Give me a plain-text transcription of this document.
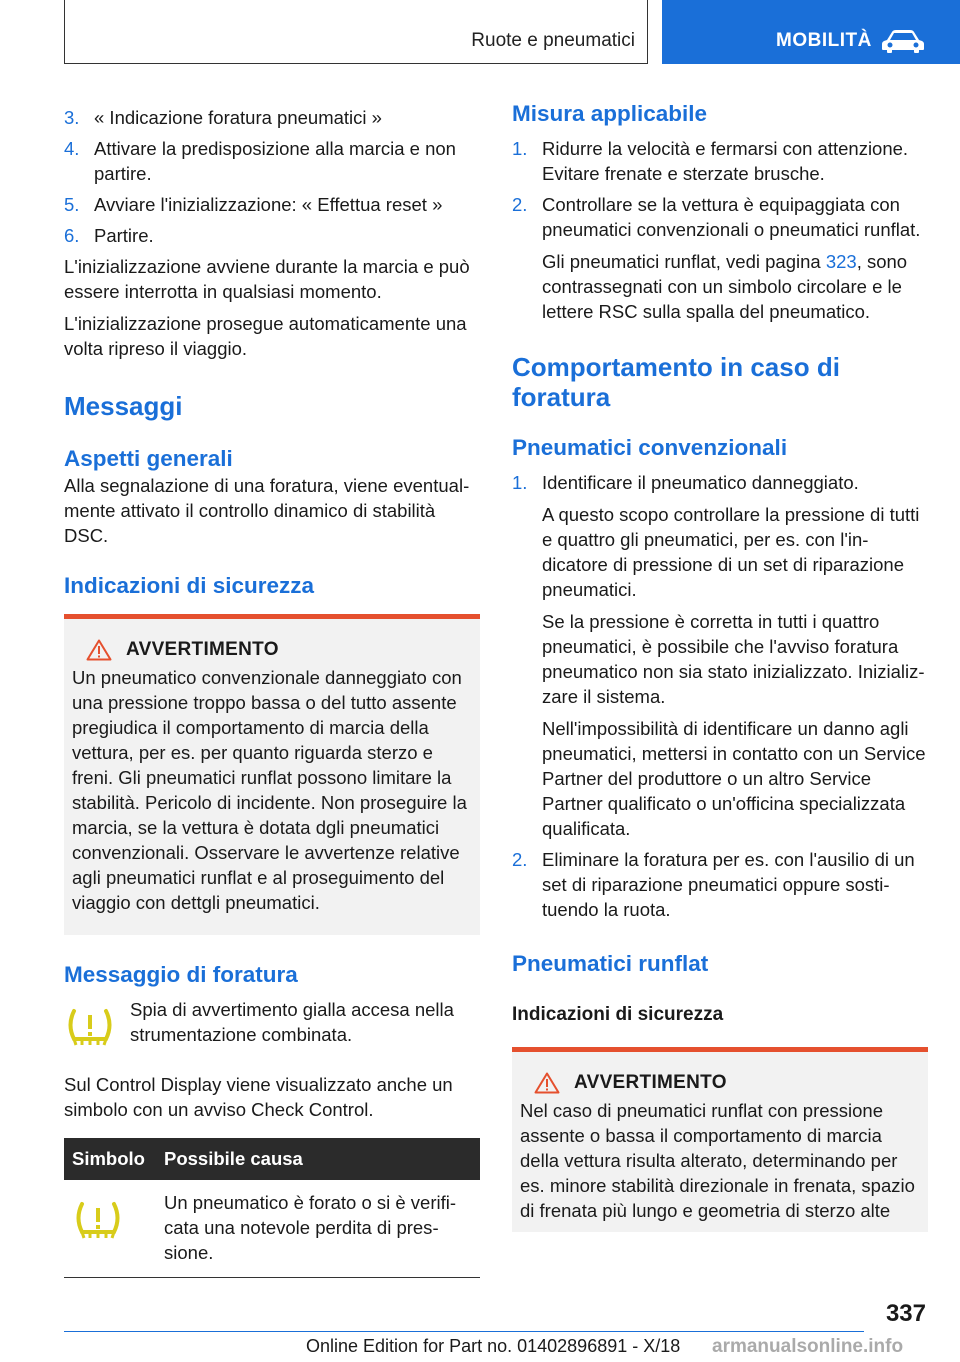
Ruote e pneumatici	MOBILITÀ
3. « Indicazione foratura pneumatici »
4. Attivare la predisposizione alla marcia e non partire.
5. Avviare l'inizializzazione: « Effettua reset »
6. Partire.

L'inizializzazione avviene durante la marcia e può essere interrotta in qualsiasi momento.

L'inizializzazione prosegue automaticamente una volta ripreso il viaggio.

Messaggi
Aspetti generali

Alla segnalazione di una foratura, viene eventualmente attivato il controllo dinamico di stabilità DSC.

Indicazioni di sicurezza
AVVERTIMENTO

Un pneumatico convenzionale danneggiato con una pressione troppo bassa o del tutto assente pregiudica il comportamento di marcia della vettura, per es. per quanto riguarda sterzo e freni. Gli pneumatici runflat possono limitare la stabilità. Pericolo di incidente. Non proseguire la marcia, se la vettura è dotata dgli pneumatici convenzionali. Osservare le avvertenze relative agli pneumatici runflat e al proseguimento del viaggio con dettgli pneumatici.

Messaggio di foratura

Spia di avvertimento gialla accesa nella strumentazione combinata.

Sul Control Display viene visualizzato anche un simbolo con un avviso Check Control.

Simbolo	Possibile causa
	Un pneumatico è forato o si è verificata una notevole perdita di pressione.
Misura applicabile
1. Ridurre la velocità e fermarsi con attenzione. Evitare frenate e sterzate brusche.
2. Controllare se la vettura è equipaggiata con pneumatici convenzionali o pneumatici runflat.
Gli pneumatici runflat, vedi pagina 323, sono contrassegnati con un simbolo circolare e le lettere RSC sulla spalla del pneumatico.
Comportamento in caso di foratura
Pneumatici convenzionali
1. Identificare il pneumatico danneggiato.
A questo scopo controllare la pressione di tutti e quattro gli pneumatici, per es. con l'indicatore di pressione di un set di riparazione pneumatici.
Se la pressione è corretta in tutti i quattro pneumatici, è possibile che l'avviso foratura pneumatico non sia stato inizializzato. Inizializzare il sistema.
Nell'impossibilità di identificare un danno agli pneumatici, mettersi in contatto con un Service Partner del produttore o un altro Service Partner qualificato o un'officina specializzata qualificata.
2. Eliminare la foratura per es. con l'ausilio di un set di riparazione pneumatici oppure sostituendo la ruota.
Pneumatici runflat
Indicazioni di sicurezza
AVVERTIMENTO

Nel caso di pneumatici runflat con pressione assente o bassa il comportamento di marcia della vettura risulta alterato, determinando per es. minore stabilità direzionale in frenata, spazio di frenata più lungo e geometria di sterzo alte

337
Online Edition for Part no. 01402896891 - X/18 armanualsonline.info
